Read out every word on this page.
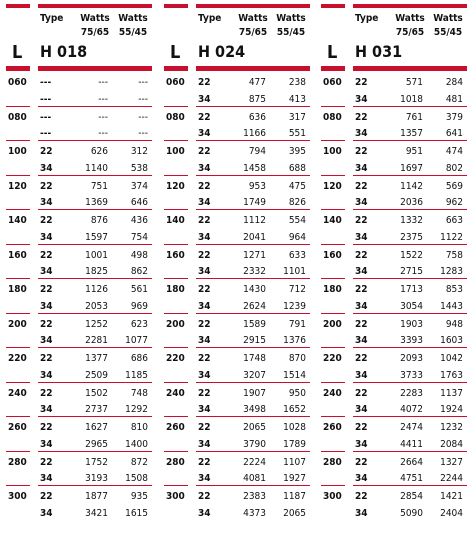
Type	Watts
75/65
Watts
55/45
L H 018
060 ---	---	---
---	---	---
080 ---	---	---
---	---	---
100 22	626	312
34	1140	538
120 22	751	374
34	1369	646
140 22	876	436
34	1597	754
160 22	1001	498
34	1825	862
180 22	1126	561
34	2053	969
200 22	1252	623
34	2281	1077
220 22	1377	686
34	2509	1185
240 22	1502	748
34	2737	1292
260 22	1627	810
34	2965	1400
280 22	1752	872
34	3193	1508
300 22	1877	935
34	3421	1615
Type	Watts
75/65
Watts
55/45
L H 024
060 22	477	238
34	875	413
080 22	636	317
34	1166	551
100 22	794	395
34	1458	688
120 22	953	475
34	1749	826
140 22	1112	554
34	2041	964
160 22	1271	633
34	2332	1101
180 22	1430	712
34	2624	1239
200 22	1589	791
34	2915	1376
220 22	1748	870
34	3207	1514
240 22	1907	950
34	3498	1652
260 22	2065	1028
34	3790	1789
280 22	2224	1107
34	4081	1927
300 22	2383	1187
34	4373	2065
Type	Watts
75/65
Watts
55/45
L H 031
060 22	571	284
34	1018	481
080 22	761	379
34	1357	641
100 22	951	474
34	1697	802
120 22	1142	569
34	2036	962
140 22	1332	663
34	2375	1122
160 22	1522	758
34	2715	1283
180 22	1713	853
34	3054	1443
200 22	1903	948
34	3393	1603
220 22	2093	1042
34	3733	1763
240 22	2283	1137
34	4072	1924
260 22	2474	1232
34	4411	2084
280 22	2664	1327
34	4751	2244
300 22	2854	1421
34	5090	2404
